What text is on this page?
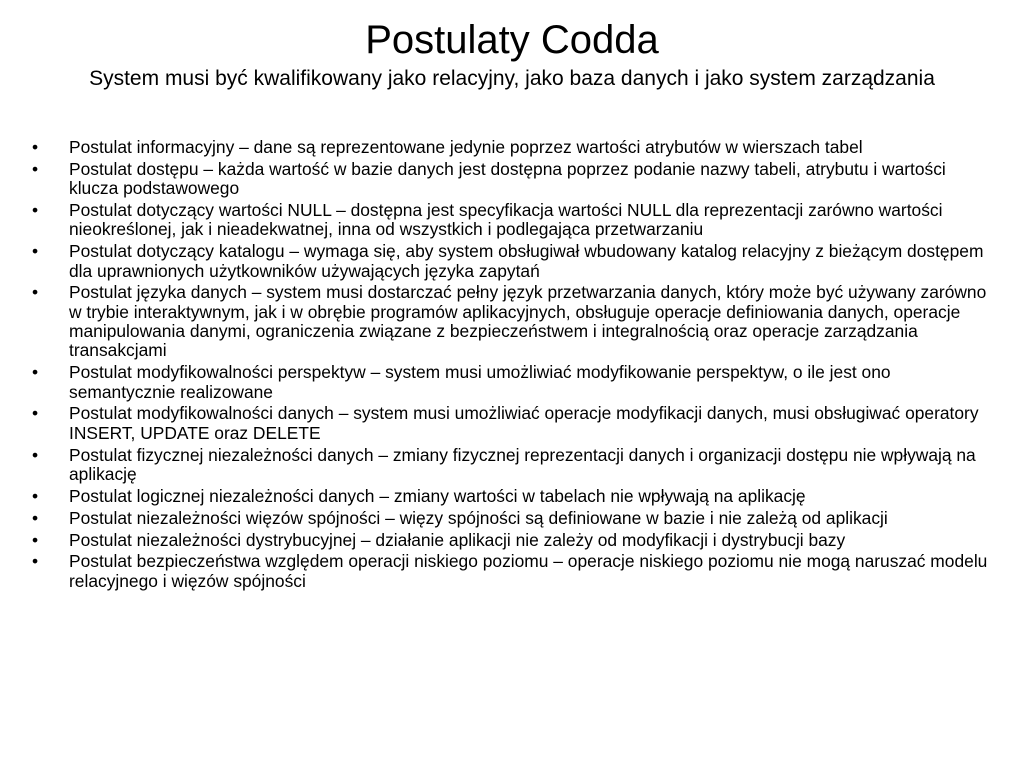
Postulaty Codda
System musi być kwalifikowany jako relacyjny, jako baza danych i jako system zarządzania
•	Postulat informacyjny – dane są reprezentowane jedynie poprzez wartości atrybutów w wierszach tabel
•	Postulat dostępu – każda wartość w bazie danych jest dostępna poprzez podanie nazwy tabeli, atrybutu i wartości klucza podstawowego
•	Postulat dotyczący wartości NULL – dostępna jest specyfikacja wartości NULL dla reprezentacji zarówno wartości nieokreślonej, jak i nieadekwatnej, inna od wszystkich i podlegająca przetwarzaniu
•	Postulat dotyczący katalogu – wymaga się, aby system obsługiwał wbudowany katalog relacyjny z bieżącym dostępem dla uprawnionych użytkowników używających języka zapytań
•	Postulat języka danych – system musi dostarczać pełny język przetwarzania danych, który może być używany zarówno w trybie interaktywnym, jak i w obrębie programów aplikacyjnych, obsługuje operacje definiowania danych, operacje manipulowania danymi, ograniczenia związane z bezpieczeństwem i integralnością oraz operacje zarządzania transakcjami
•	Postulat modyfikowalności perspektyw – system musi umożliwiać modyfikowanie perspektyw, o ile jest ono semantycznie realizowane
•	Postulat modyfikowalności danych – system musi umożliwiać operacje modyfikacji danych, musi obsługiwać operatory INSERT, UPDATE oraz DELETE
•	Postulat fizycznej niezależności danych – zmiany fizycznej reprezentacji danych i organizacji dostępu nie wpływają na aplikację
•	Postulat logicznej niezależności danych – zmiany wartości w tabelach nie wpływają na aplikację
•	Postulat niezależności więzów spójności – więzy spójności są definiowane w bazie i nie zależą od aplikacji
•	Postulat niezależności dystrybucyjnej – działanie aplikacji nie zależy od modyfikacji i dystrybucji bazy
•	Postulat bezpieczeństwa względem operacji niskiego poziomu – operacje niskiego poziomu nie mogą naruszać modelu relacyjnego i więzów spójności
